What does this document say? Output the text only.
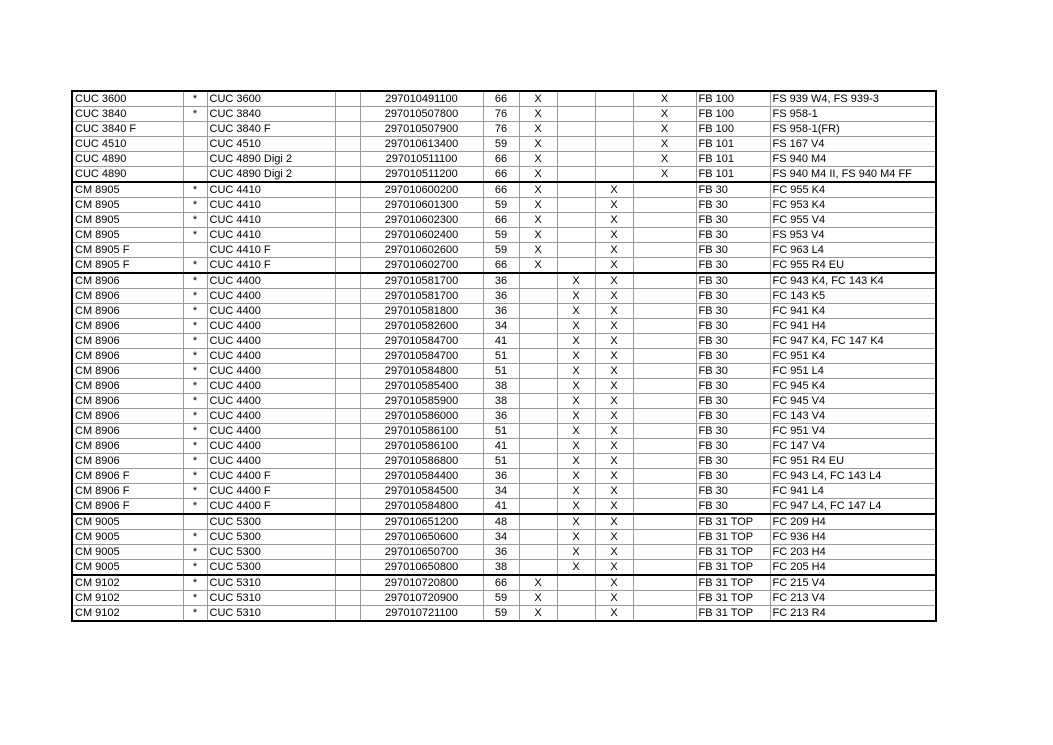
CUC 3600	*	CUC 3600		297010491100	66	X			X	FB 100	FS 939 W4, FS 939-3
CUC 3840	*	CUC 3840		297010507800	76	X			X	FB 100	FS 958-1
CUC 3840 F		CUC 3840 F		297010507900	76	X			X	FB 100	FS 958-1(FR)
CUC 4510		CUC 4510		297010613400	59	X			X	FB 101	FS 167 V4
CUC 4890		CUC 4890 Digi 2		297010511100	66	X			X	FB 101	FS 940 M4
CUC 4890		CUC 4890 Digi 2		297010511200	66	X			X	FB 101	FS 940 M4 II, FS 940 M4 FF
CM 8905	*	CUC 4410		297010600200	66	X		X		FB 30	FC 955 K4
CM 8905	*	CUC 4410		297010601300	59	X		X		FB 30	FC 953 K4
CM 8905	*	CUC 4410		297010602300	66	X		X		FB 30	FC 955 V4
CM 8905	*	CUC 4410		297010602400	59	X		X		FB 30	FS 953 V4
CM 8905 F		CUC 4410 F		297010602600	59	X		X		FB 30	FC 963 L4
CM 8905 F	*	CUC 4410 F		297010602700	66	X		X		FB 30	FC 955 R4 EU
CM 8906	*	CUC 4400		297010581700	36		X	X		FB 30	FC 943 K4, FC 143 K4
CM 8906	*	CUC 4400		297010581700	36		X	X		FB 30	FC 143 K5
CM 8906	*	CUC 4400		297010581800	36		X	X		FB 30	FC 941 K4
CM 8906	*	CUC 4400		297010582600	34		X	X		FB 30	FC 941 H4
CM 8906	*	CUC 4400		297010584700	41		X	X		FB 30	FC 947 K4, FC 147 K4
CM 8906	*	CUC 4400		297010584700	51		X	X		FB 30	FC 951 K4
CM 8906	*	CUC 4400		297010584800	51		X	X		FB 30	FC 951 L4
CM 8906	*	CUC 4400		297010585400	38		X	X		FB 30	FC 945 K4
CM 8906	*	CUC 4400		297010585900	38		X	X		FB 30	FC 945 V4
CM 8906	*	CUC 4400		297010586000	36		X	X		FB 30	FC 143 V4
CM 8906	*	CUC 4400		297010586100	51		X	X		FB 30	FC 951 V4
CM 8906	*	CUC 4400		297010586100	41		X	X		FB 30	FC 147 V4
CM 8906	*	CUC 4400		297010586800	51		X	X		FB 30	FC 951 R4 EU
CM 8906 F	*	CUC 4400 F		297010584400	36		X	X		FB 30	FC 943 L4, FC 143 L4
CM 8906 F	*	CUC 4400 F		297010584500	34		X	X		FB 30	FC 941 L4
CM 8906 F	*	CUC 4400 F		297010584800	41		X	X		FB 30	FC 947 L4, FC 147 L4
CM 9005		CUC 5300		297010651200	48		X	X		FB 31 TOP	FC 209 H4
CM 9005	*	CUC 5300		297010650600	34		X	X		FB 31 TOP	FC 936 H4
CM 9005	*	CUC 5300		297010650700	36		X	X		FB 31 TOP	FC 203 H4
CM 9005	*	CUC 5300		297010650800	38		X	X		FB 31 TOP	FC 205 H4
CM 9102	*	CUC 5310		297010720800	66	X		X		FB 31 TOP	FC 215 V4
CM 9102	*	CUC 5310		297010720900	59	X		X		FB 31 TOP	FC 213 V4
CM 9102	*	CUC 5310		297010721100	59	X		X		FB 31 TOP	FC 213 R4
